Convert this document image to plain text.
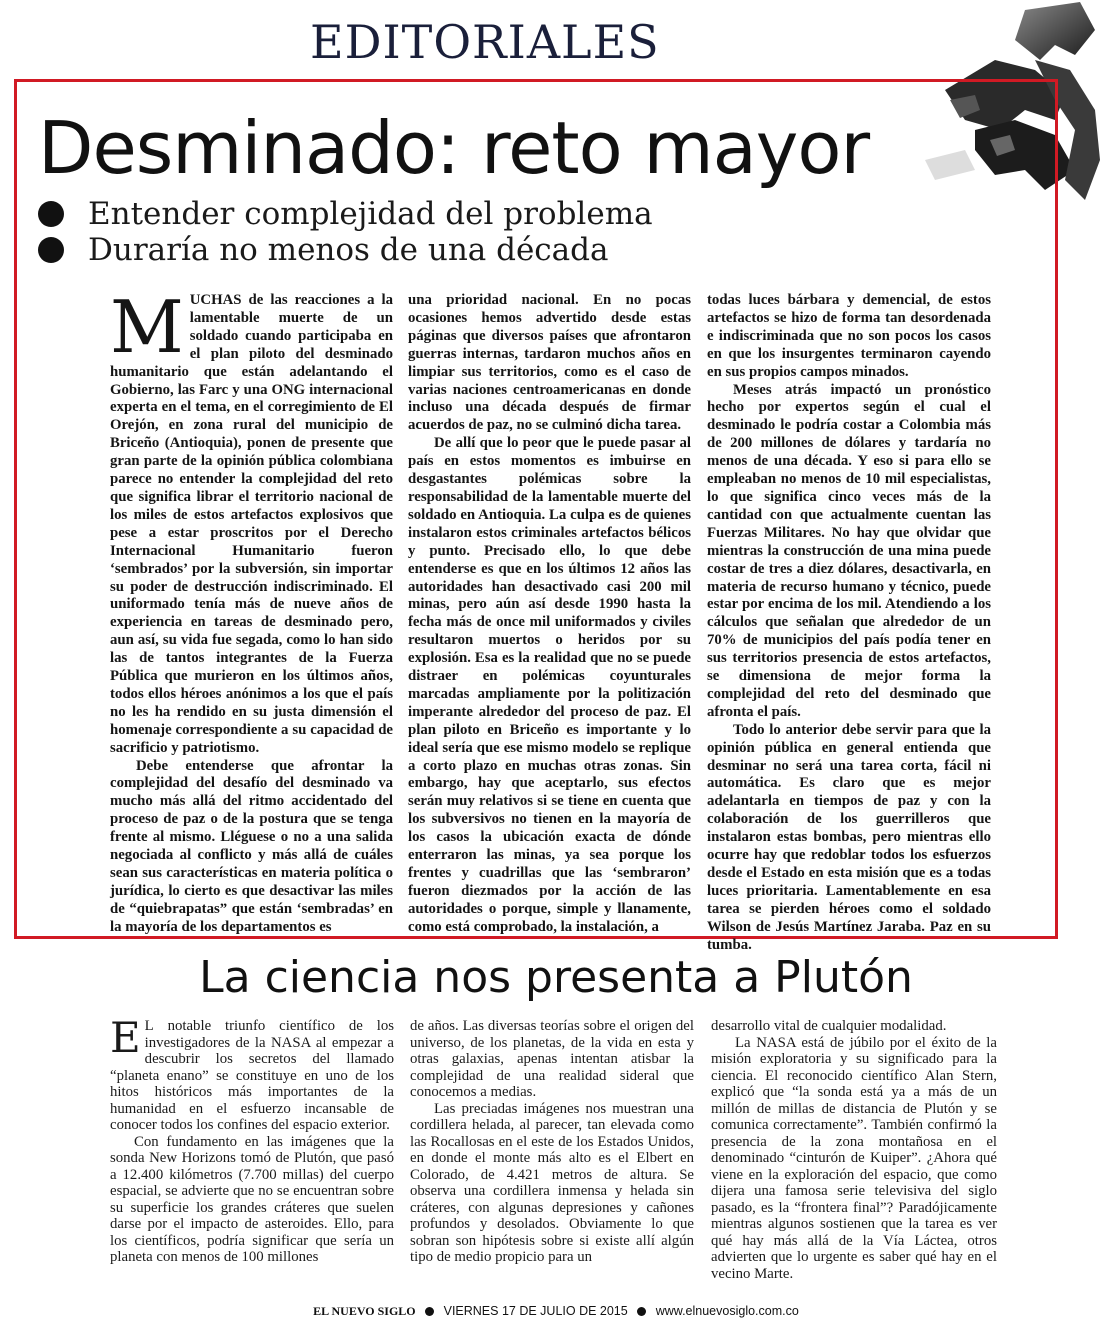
EDITORIALES
Desminado: reto mayor
Entender complejidad del problema
Duraría no menos de una década

MUCHAS de las reacciones a la lamentable muerte de un soldado cuando participaba en el plan piloto del desminado humanitario que están adelantando el Gobierno, las Farc y una ONG internacional experta en el tema, en el corregimiento de El Orejón, en zona rural del municipio de Briceño (Antioquia), ponen de presente que gran parte de la opinión pública colombiana parece no entender la complejidad del reto que significa librar el territorio nacional de los miles de estos artefactos explosivos que pese a estar proscritos por el Derecho Internacional Humanitario fueron ‘sembrados’ por la subversión, sin importar su poder de destrucción indiscriminado. El uniformado tenía más de nueve años de experiencia en tareas de desminado pero, aun así, su vida fue segada, como lo han sido las de tantos integrantes de la Fuerza Pública que murieron en los últimos años, todos ellos héroes anónimos a los que el país no les ha rendido en su justa dimensión el homenaje correspondiente a su capacidad de sacrificio y patriotismo.

Debe entenderse que afrontar la complejidad del desafío del desminado va mucho más allá del ritmo accidentado del proceso de paz o de la postura que se tenga frente al mismo. Lléguese o no a una salida negociada al conflicto y más allá de cuáles sean sus características en materia política o jurídica, lo cierto es que desactivar las miles de “quiebrapatas” que están ‘sembradas’ en la mayoría de los departamentos es

una prioridad nacional. En no pocas ocasiones hemos advertido desde estas páginas que diversos países que afrontaron guerras internas, tardaron muchos años en limpiar sus territorios, como es el caso de varias naciones centroamericanas en donde incluso una década después de firmar acuerdos de paz, no se culminó dicha tarea.

De allí que lo peor que le puede pasar al país en estos momentos es imbuirse en desgastantes polémicas sobre la responsabilidad de la lamentable muerte del soldado en Antioquia. La culpa es de quienes instalaron estos criminales artefactos bélicos y punto. Precisado ello, lo que debe entenderse es que en los últimos 12 años las autoridades han desactivado casi 200 mil minas, pero aún así desde 1990 hasta la fecha más de once mil uniformados y civiles resultaron muertos o heridos por su explosión. Esa es la realidad que no se puede distraer en polémicas coyunturales marcadas ampliamente por la politización imperante alrededor del proceso de paz. El plan piloto en Briceño es importante y lo ideal sería que ese mismo modelo se replique a corto plazo en muchas otras zonas. Sin embargo, hay que aceptarlo, sus efectos serán muy relativos si se tiene en cuenta que los subversivos no tienen en la mayoría de los casos la ubicación exacta de dónde enterraron las minas, ya sea porque los frentes y cuadrillas que las ‘sembraron’ fueron diezmados por la acción de las autoridades o porque, simple y llanamente, como está comprobado, la instalación, a

todas luces bárbara y demencial, de estos artefactos se hizo de forma tan desordenada e indiscriminada que no son pocos los casos en que los insurgentes terminaron cayendo en sus propios campos minados.

Meses atrás impactó un pronóstico hecho por expertos según el cual el desminado le podría costar a Colombia más de 200 millones de dólares y tardaría no menos de una década. Y eso si para ello se empleaban no menos de 10 mil especialistas, lo que significa cinco veces más de la cantidad con que actualmente cuentan las Fuerzas Militares. No hay que olvidar que mientras la construcción de una mina puede costar de tres a diez dólares, desactivarla, en materia de recurso humano y técnico, puede estar por encima de los mil. Atendiendo a los cálculos que señalan que alrededor de un 70% de municipios del país podía tener en sus territorios presencia de estos artefactos, se dimensiona de mejor forma la complejidad del reto del desminado que afronta el país.

Todo lo anterior debe servir para que la opinión pública en general entienda que desminar no será una tarea corta, fácil ni automática. Es claro que es mejor adelantarla en tiempos de paz y con la colaboración de los guerrilleros que instalaron estas bombas, pero mientras ello ocurre hay que redoblar todos los esfuerzos desde el Estado en esta misión que es a todas luces prioritaria. Lamentablemente en esa tarea se pierden héroes como el soldado Wilson de Jesús Martínez Jaraba. Paz en su tumba.

La ciencia nos presenta a Plutón

E L notable triunfo científico de los investigadores de la NASA al empezar a descubrir los secretos del llamado “planeta enano” se constituye en uno de los hitos históricos más importantes de la humanidad en el esfuerzo incansable de conocer todos los confines del espacio exterior.

Con fundamento en las imágenes que la sonda New Horizons tomó de Plutón, que pasó a 12.400 kilómetros (7.700 millas) del cuerpo espacial, se advierte que no se encuentran sobre su superficie los grandes cráteres que suelen darse por el impacto de asteroides. Ello, para los científicos, podría significar que sería un planeta con menos de 100 millones

de años. Las diversas teorías sobre el origen del universo, de los planetas, de la vida en esta y otras galaxias, apenas intentan atisbar la complejidad de una realidad sideral que conocemos a medias.

Las preciadas imágenes nos muestran una cordillera helada, al parecer, tan elevada como las Rocallosas en el este de los Estados Unidos, en donde el monte más alto es el Elbert en Colorado, de 4.421 metros de altura. Se observa una cordillera inmensa y helada sin cráteres, con algunas depresiones y cañones profundos y desolados. Obviamente lo que sobran son hipótesis sobre si existe allí algún tipo de medio propicio para un

desarrollo vital de cualquier modalidad.

La NASA está de júbilo por el éxito de la misión exploratoria y su significado para la ciencia. El reconocido científico Alan Stern, explicó que “la sonda está ya a más de un millón de millas de distancia de Plutón y se comunica correctamente”. También confirmó la presencia de la zona montañosa en el denominado “cinturón de Kuiper”. ¿Ahora qué viene en la exploración del espacio, que como dijera una famosa serie televisiva del siglo pasado, es la “frontera final”? Paradójicamente mientras algunos sostienen que la tarea es ver qué hay más allá de la Vía Láctea, otros advierten que lo urgente es saber qué hay en el vecino Marte.

EL NUEVO SIGLO VIERNES 17 DE JULIO DE 2015 www.elnuevosiglo.com.co
